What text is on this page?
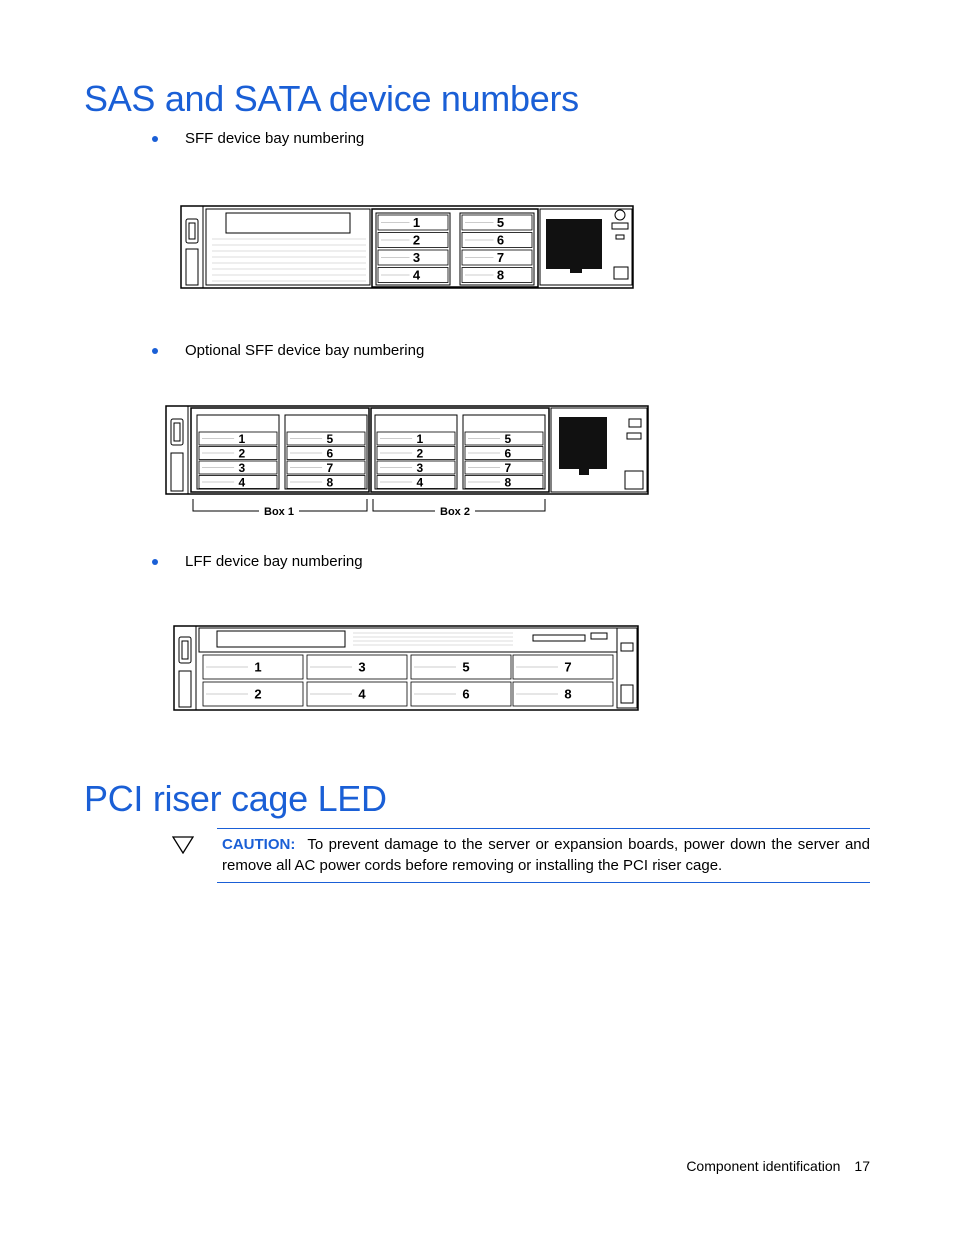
SAS and SATA device numbers
SFF device bay numbering
1
2
3
4
5
6
7
8
Optional SFF device bay numbering
1
2
3
4
5
6
7
8
1
2
3
4
5
6
7
8
Box 1	Box 2
LFF device bay numbering
1	3	5	7
2	4	6	8
PCI riser cage LED
CAUTION: To prevent damage to the server or expansion boards, power down the server and remove all AC power cords before removing or installing the PCI riser cage.
Component identification 17
